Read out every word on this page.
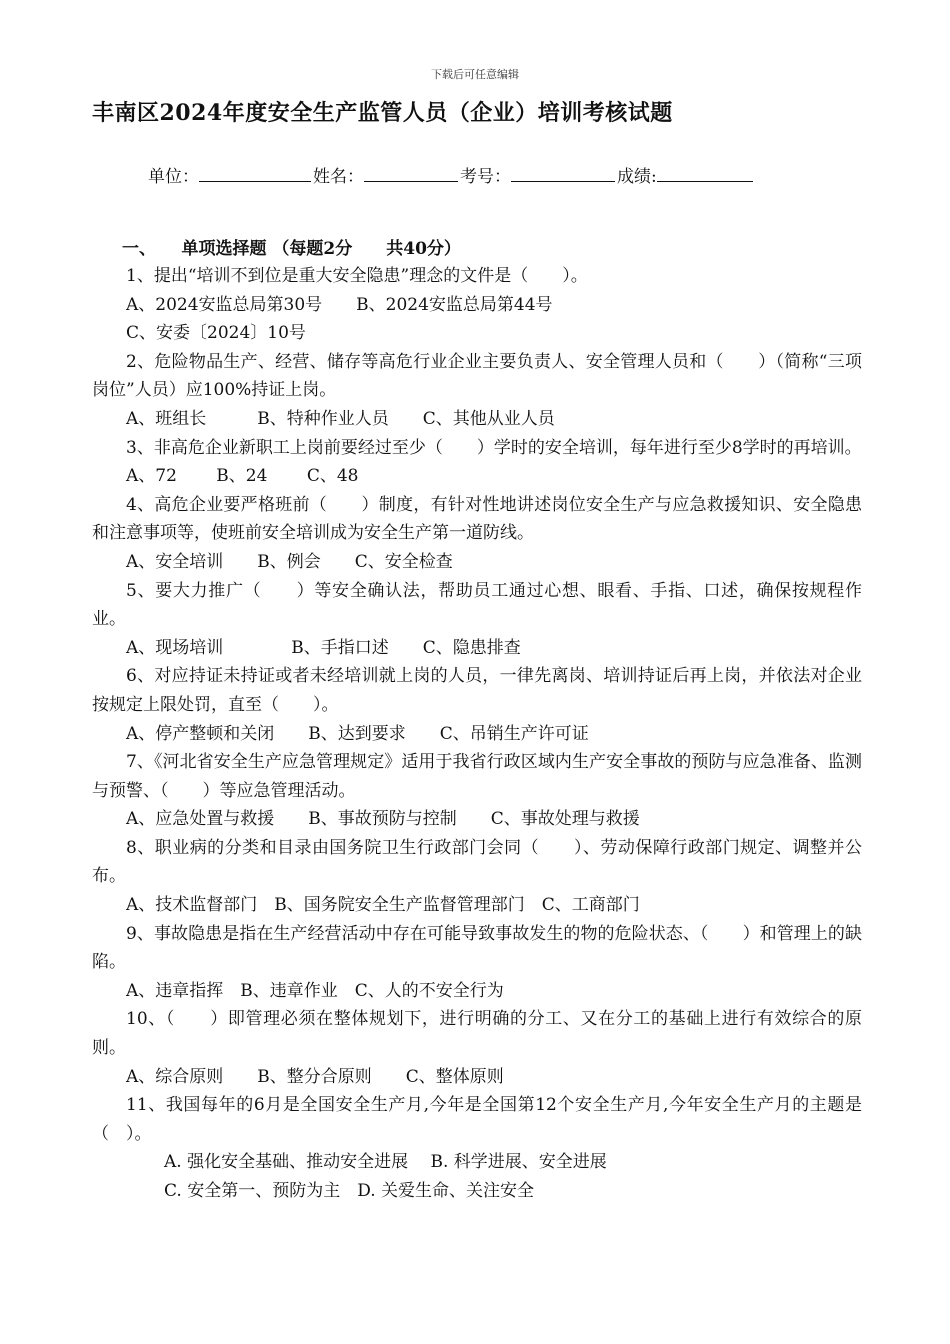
下载后可任意编辑
丰南区2024年度安全生产监管人员（企业）培训考核试题
单位：	姓名：	考号：	成绩:
一、　　单项选择题 （每题2分　　共40分）

1、提出“培训不到位是重大安全隐患”理念的文件是（　　）。

A、2024安监总局第30号　　B、2024安监总局第44号

C、安委〔2024〕10号

2、危险物品生产、经营、储存等高危行业企业主要负责人、安全管理人员和（　　）（简称“三项岗位”人员）应100%持证上岗。

A、班组长　　　B、特种作业人员　　C、其他从业人员

3、非高危企业新职工上岗前要经过至少（　　）学时的安全培训，每年进行至少8学时的再培训。

A、72　　 B、24　　 C、48

4、高危企业要严格班前（　　）制度，有针对性地讲述岗位安全生产与应急救援知识、安全隐患和注意事项等，使班前安全培训成为安全生产第一道防线。

A、安全培训　　B、例会　　C、安全检查

5、要大力推广（　　）等安全确认法，帮助员工通过心想、眼看、手指、口述，确保按规程作业。

A、现场培训　　　　B、手指口述　　C、隐患排查

6、对应持证未持证或者未经培训就上岗的人员，一律先离岗、培训持证后再上岗，并依法对企业按规定上限处罚，直至（　　）。

A、停产整顿和关闭　　B、达到要求　　C、吊销生产许可证

7、《河北省安全生产应急管理规定》适用于我省行政区域内生产安全事故的预防与应急准备、监测与预警、（　　）等应急管理活动。

A、应急处置与救援　　B、事故预防与控制　　C、事故处理与救援

8、职业病的分类和目录由国务院卫生行政部门会同（　　）、劳动保障行政部门规定、调整并公布。

A、技术监督部门　B、国务院安全生产监督管理部门　C、工商部门

9、事故隐患是指在生产经营活动中存在可能导致事故发生的物的危险状态、（　　）和管理上的缺陷。

A、违章指挥　B、违章作业　C、人的不安全行为

10、（　　）即管理必须在整体规划下，进行明确的分工、又在分工的基础上进行有效综合的原则。

A、综合原则　　B、整分合原则　　C、整体原则

11、我国每年的6月是全国安全生产月,今年是全国第12个安全生产月,今年安全生产月的主题是（　）。

A. 强化安全基础、推动安全进展　 B. 科学进展、安全进展

C. 安全第一、预防为主　D. 关爱生命、关注安全
